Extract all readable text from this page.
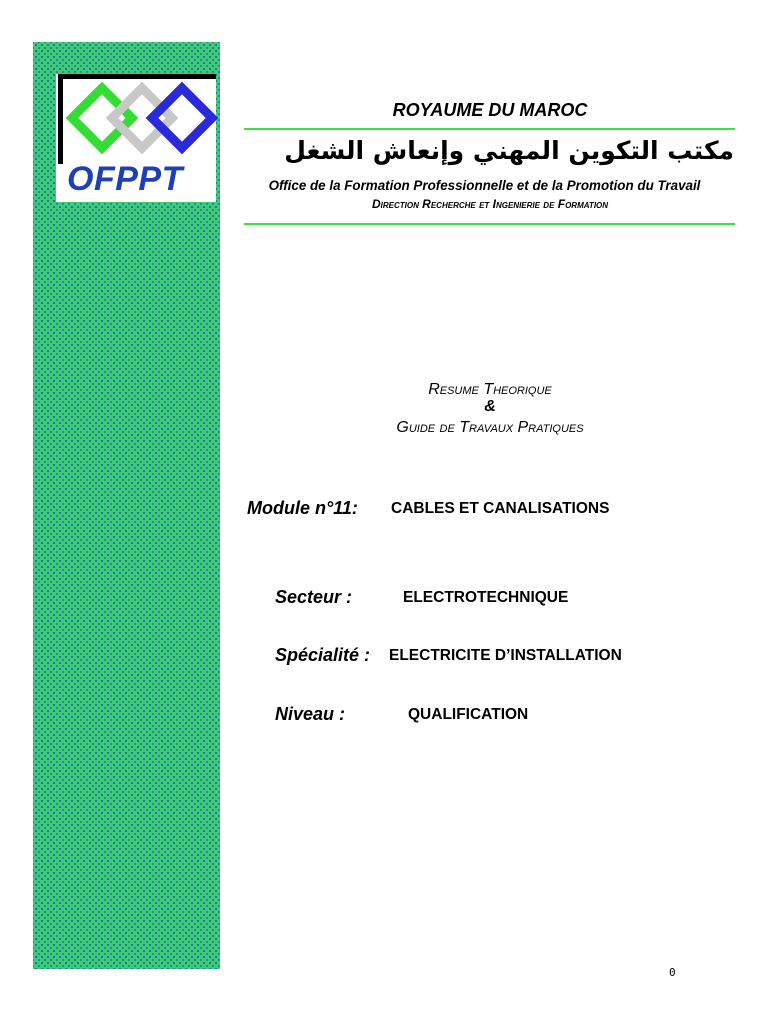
OFPPT
ROYAUME DU MAROC
مكتب التكوين المهني وإنعاش الشغل
Office de la Formation Professionnelle et de la Promotion du Travail
Direction Recherche et Ingenierie de Formation
Resume Theorique
&
Guide de Travaux Pratiques
Module n°11: CABLES ET CANALISATIONS
Secteur :	ELECTROTECHNIQUE
Spécialité : ELECTRICITE D’INSTALLATION
Niveau :	QUALIFICATION
0
